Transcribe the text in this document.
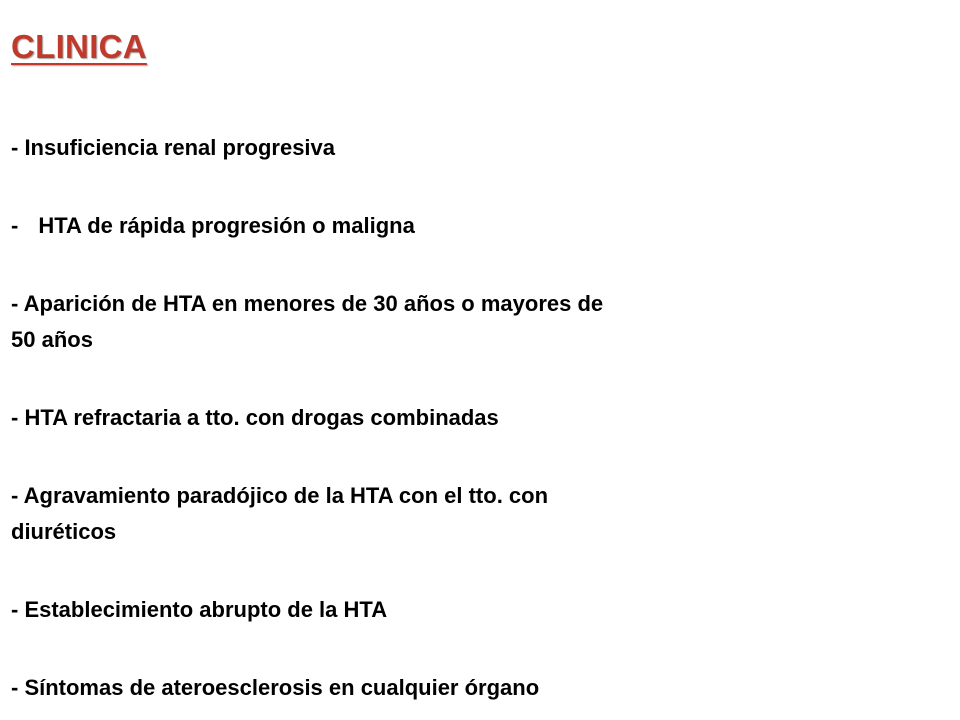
CLINICA

- Insuficiencia renal progresiva

- HTA de rápida progresión o maligna

- Aparición de HTA en menores de 30 años o mayores de

50 años

- HTA refractaria a tto. con drogas combinadas

- Agravamiento paradójico de la HTA con el tto. con

diuréticos

- Establecimiento abrupto de la HTA

- Síntomas de ateroesclerosis en cualquier órgano
